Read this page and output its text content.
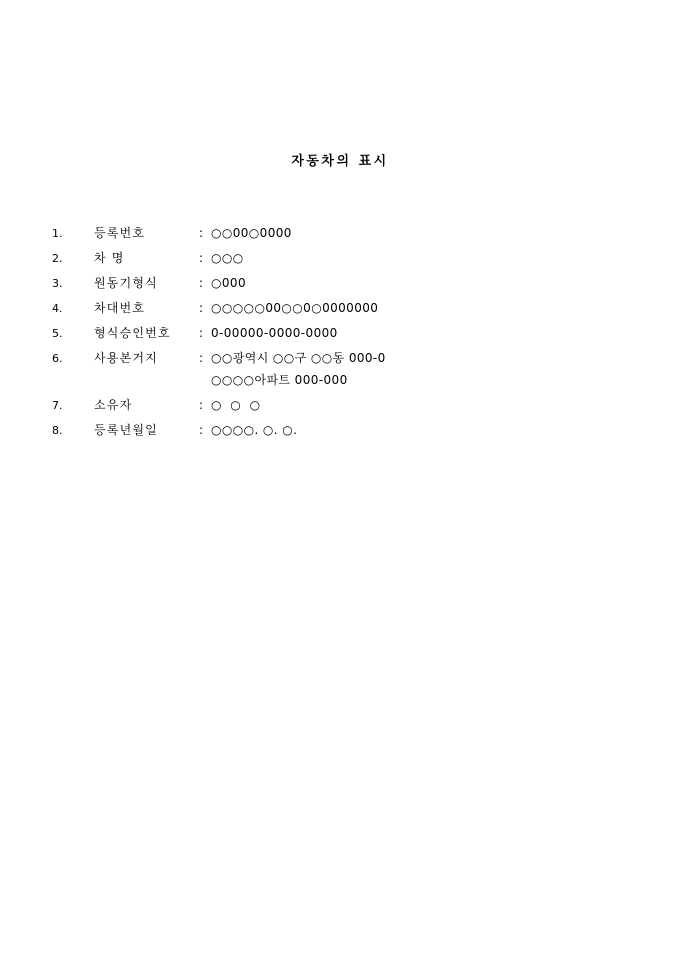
자동차의 표시
1.	등록번호	: ○○00○0000
2.	차 명	: ○○○
3.	원동기형식	: ○000
4.	차대번호	: ○○○○○00○○0○0000000
5.	형식승인번호	: 0-00000-0000-0000
6.	사용본거지	: ○○광역시 ○○구 ○○동 000-0
○○○○아파트 000-000
7.	소유자	: ○ ○ ○
8.	등록년월일	: ○○○○. ○. ○.
